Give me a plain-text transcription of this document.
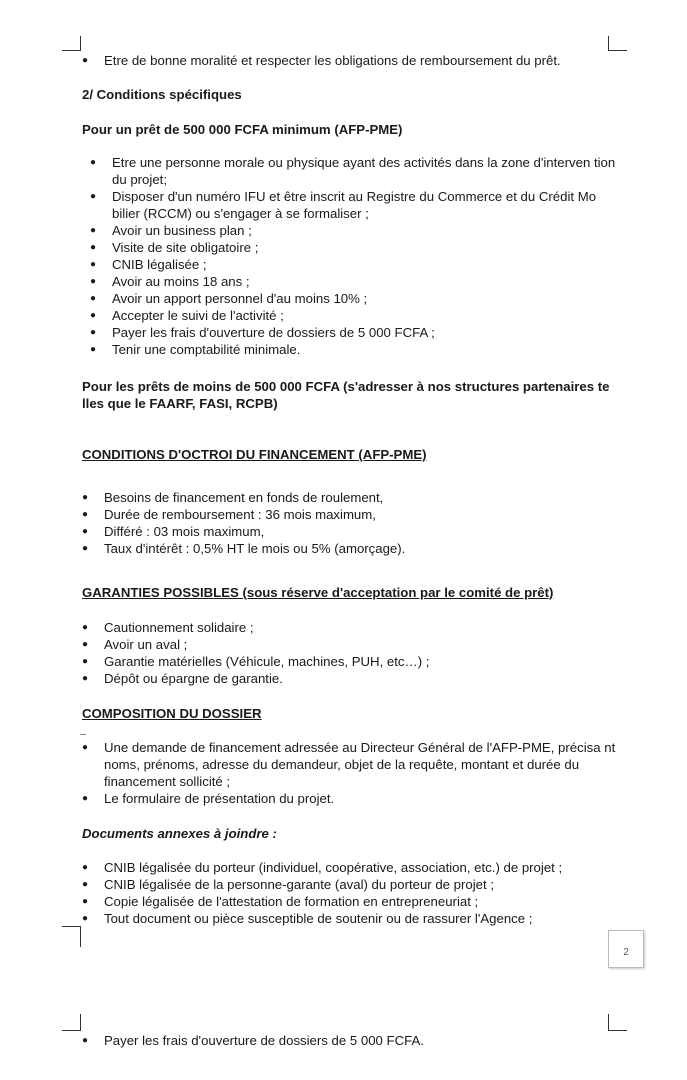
● Etre de bonne moralité et respecter les obligations de remboursement du prêt.
2/ Conditions spécifiques
Pour un prêt de 500 000 FCFA minimum (AFP-PME)
● Etre une personne morale ou physique ayant des activités dans la zone d'interven tion du projet;
● Disposer d'un numéro IFU et être inscrit au Registre du Commerce et du Crédit Mo bilier (RCCM) ou s'engager à se formaliser ;
● Avoir un business plan ;
● Visite de site obligatoire ;
● CNIB légalisée ;
● Avoir au moins 18 ans ;
● Avoir un apport personnel d'au moins 10% ;
● Accepter le suivi de l'activité ;
● Payer les frais d'ouverture de dossiers de 5 000 FCFA ;
● Tenir une comptabilité minimale.
Pour les prêts de moins de 500 000 FCFA (s'adresser à nos structures partenaires te lles que le FAARF, FASI, RCPB)
CONDITIONS D'OCTROI DU FINANCEMENT (AFP-PME)
● Besoins de financement en fonds de roulement,
● Durée de remboursement : 36 mois maximum,
● Différé : 03 mois maximum,
● Taux d'intérêt : 0,5% HT le mois ou 5% (amorçage).
GARANTIES POSSIBLES (sous réserve d'acceptation par le comité de prêt)
● Cautionnement solidaire ;
● Avoir un aval ;
● Garantie matérielles (Véhicule, machines, PUH, etc…) ;
● Dépôt ou épargne de garantie.
COMPOSITION DU DOSSIER
● Une demande de financement adressée au Directeur Général de l'AFP-PME, précisa nt noms, prénoms, adresse du demandeur, objet de la requête, montant et durée du financement sollicité ;
● Le formulaire de présentation du projet.
Documents annexes à joindre :
● CNIB légalisée du porteur (individuel, coopérative, association, etc.) de projet ;
● CNIB légalisée de la personne-garante (aval) du porteur de projet ;
● Copie légalisée de l'attestation de formation en entrepreneuriat ;
● Tout document ou pièce susceptible de soutenir ou de rassurer l'Agence ;
2
● Payer les frais d'ouverture de dossiers de 5 000 FCFA.
